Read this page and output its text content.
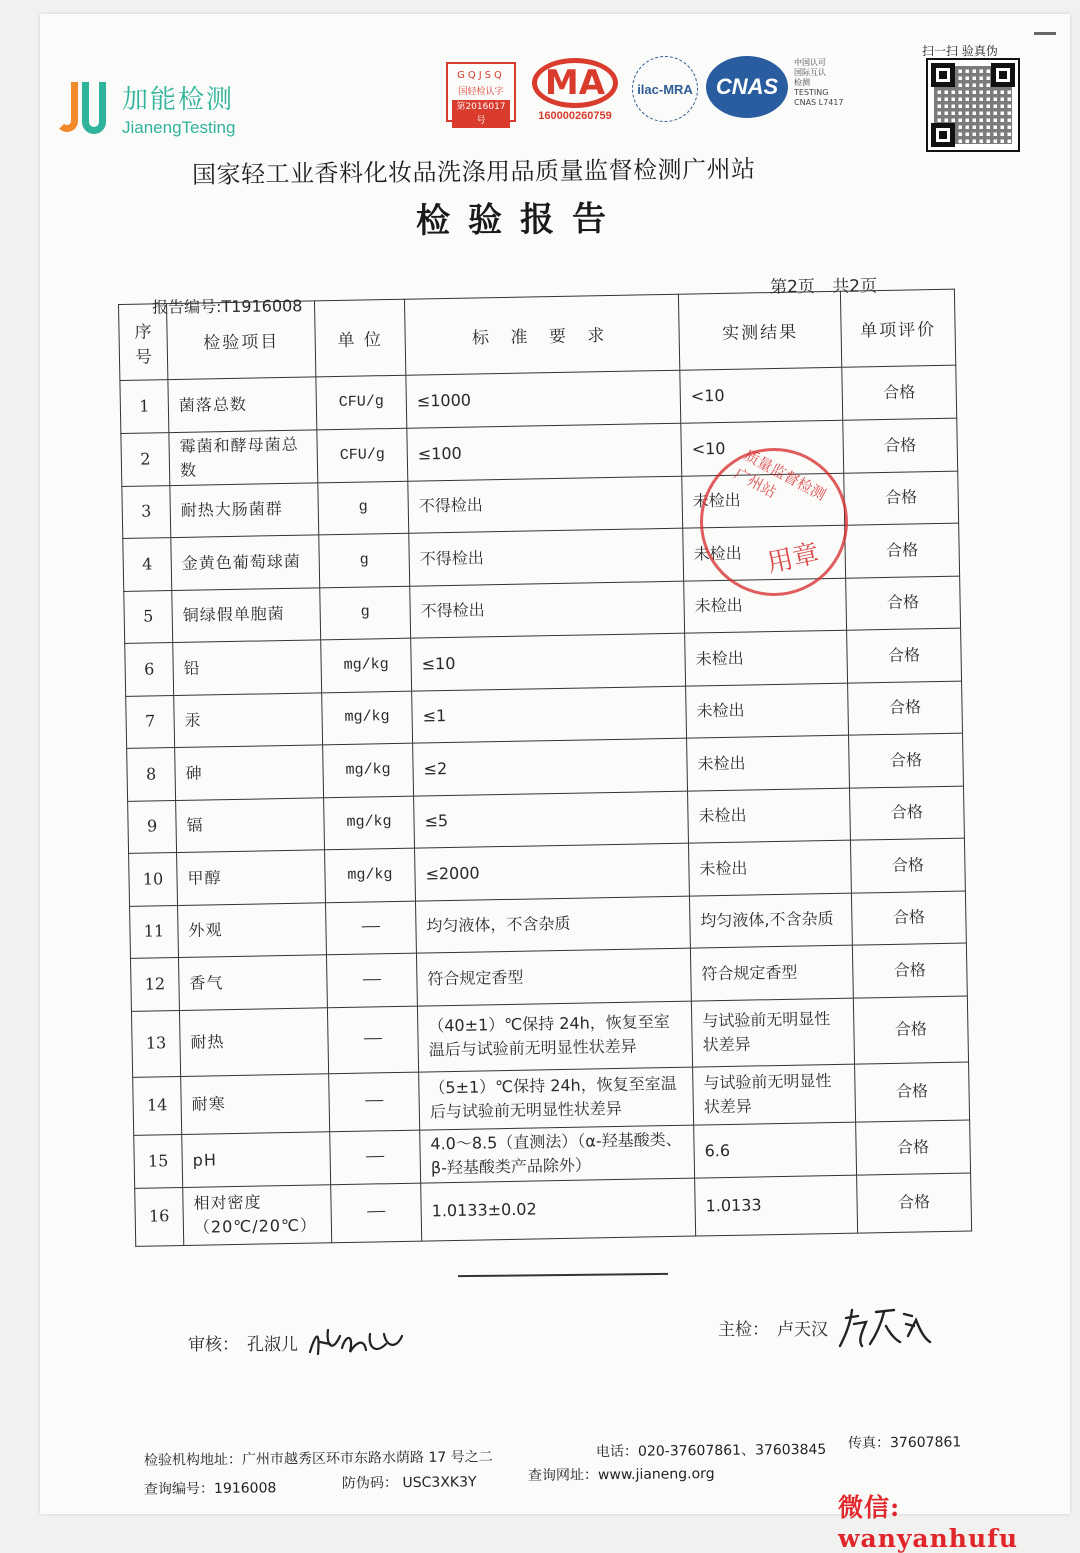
加能检测
JianengTesting
GQJSQ
国轻检认字
第2016017号
MA
160000260759
ilac-MRA CNAS
中国认可
国际互认
检测
TESTING
CNAS L7417
扫一扫 验真伪
国家轻工业香料化妆品洗涤用品质量监督检测广州站
检验报告
第2页 共2页
报告编号:T1916008
序号	检验项目	单 位	标 准 要 求	实测结果	单项评价
1	菌落总数	CFU/g	≤1000	<10	合格
2	霉菌和酵母菌总数	CFU/g	≤100	<10	合格
3	耐热大肠菌群	g	不得检出	未检出	合格
4	金黄色葡萄球菌	g	不得检出	未检出	合格
5	铜绿假单胞菌	g	不得检出	未检出	合格
6	铅	mg/kg	≤10	未检出	合格
7	汞	mg/kg	≤1	未检出	合格
8	砷	mg/kg	≤2	未检出	合格
9	镉	mg/kg	≤5	未检出	合格
10	甲醇	mg/kg	≤2000	未检出	合格
11	外观	——	均匀液体，不含杂质	均匀液体,不含杂质	合格
12	香气	——	符合规定香型	符合规定香型	合格
13	耐热	——	（40±1）℃保持 24h，恢复至室温后与试验前无明显性状差异	与试验前无明显性状差异	合格
14	耐寒	——	（5±1）℃保持 24h，恢复至室温后与试验前无明显性状差异	与试验前无明显性状差异	合格
15	pH	——	4.0～8.5（直测法）（α-羟基酸类、β-羟基酸类产品除外）	6.6	合格
16	相对密度（20℃/20℃）	——	1.0133±0.02	1.0133	合格
质量监督检测广州站
用章
审核： 孔淑儿
主检： 卢天汉
检验机构地址：广州市越秀区环市东路水荫路 17 号之二	电话：020-37607861、37603845 传真：37607861
查询编号：1916008	防伪码： USC3XK3Y	查询网址：www.jianeng.org
微信: wanyanhufu
